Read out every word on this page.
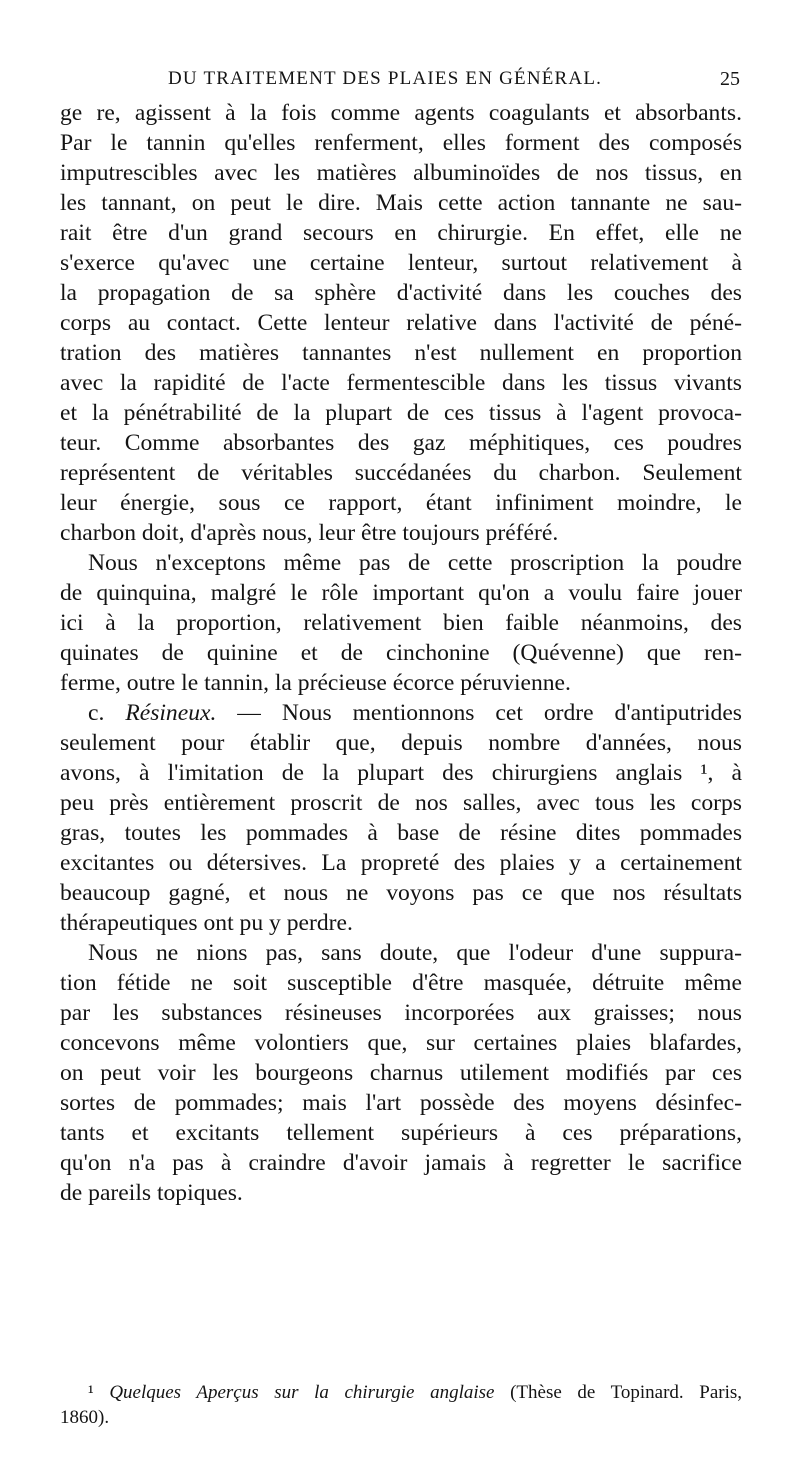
DU TRAITEMENT DES PLAIES EN GÉNÉRAL.	25
ge re, agissent à la fois comme agents coagulants et absorbants.
Par le tannin qu'elles renferment, elles forment des composés
imputrescibles avec les matières albuminoïdes de nos tissus, en
les tannant, on peut le dire. Mais cette action tannante ne sau-
rait être d'un grand secours en chirurgie. En effet, elle ne
s'exerce qu'avec une certaine lenteur, surtout relativement à
la propagation de sa sphère d'activité dans les couches des
corps au contact. Cette lenteur relative dans l'activité de péné-
tration des matières tannantes n'est nullement en proportion
avec la rapidité de l'acte fermentescible dans les tissus vivants
et la pénétrabilité de la plupart de ces tissus à l'agent provoca-
teur. Comme absorbantes des gaz méphitiques, ces poudres
représentent de véritables succédanées du charbon. Seulement
leur énergie, sous ce rapport, étant infiniment moindre, le
charbon doit, d'après nous, leur être toujours préféré.
Nous n'exceptons même pas de cette proscription la poudre
de quinquina, malgré le rôle important qu'on a voulu faire jouer
ici à la proportion, relativement bien faible néanmoins, des
quinates de quinine et de cinchonine (Quévenne) que ren-
ferme, outre le tannin, la précieuse écorce péruvienne.
c. Résineux. — Nous mentionnons cet ordre d'antiputrides
seulement pour établir que, depuis nombre d'années, nous
avons, à l'imitation de la plupart des chirurgiens anglais ¹, à
peu près entièrement proscrit de nos salles, avec tous les corps
gras, toutes les pommades à base de résine dites pommades
excitantes ou détersives. La propreté des plaies y a certainement
beaucoup gagné, et nous ne voyons pas ce que nos résultats
thérapeutiques ont pu y perdre.
Nous ne nions pas, sans doute, que l'odeur d'une suppura-
tion fétide ne soit susceptible d'être masquée, détruite même
par les substances résineuses incorporées aux graisses; nous
concevons même volontiers que, sur certaines plaies blafardes,
on peut voir les bourgeons charnus utilement modifiés par ces
sortes de pommades; mais l'art possède des moyens désinfec-
tants et excitants tellement supérieurs à ces préparations,
qu'on n'a pas à craindre d'avoir jamais à regretter le sacrifice
de pareils topiques.
¹ Quelques Aperçus sur la chirurgie anglaise (Thèse de Topinard. Paris,
1860).
